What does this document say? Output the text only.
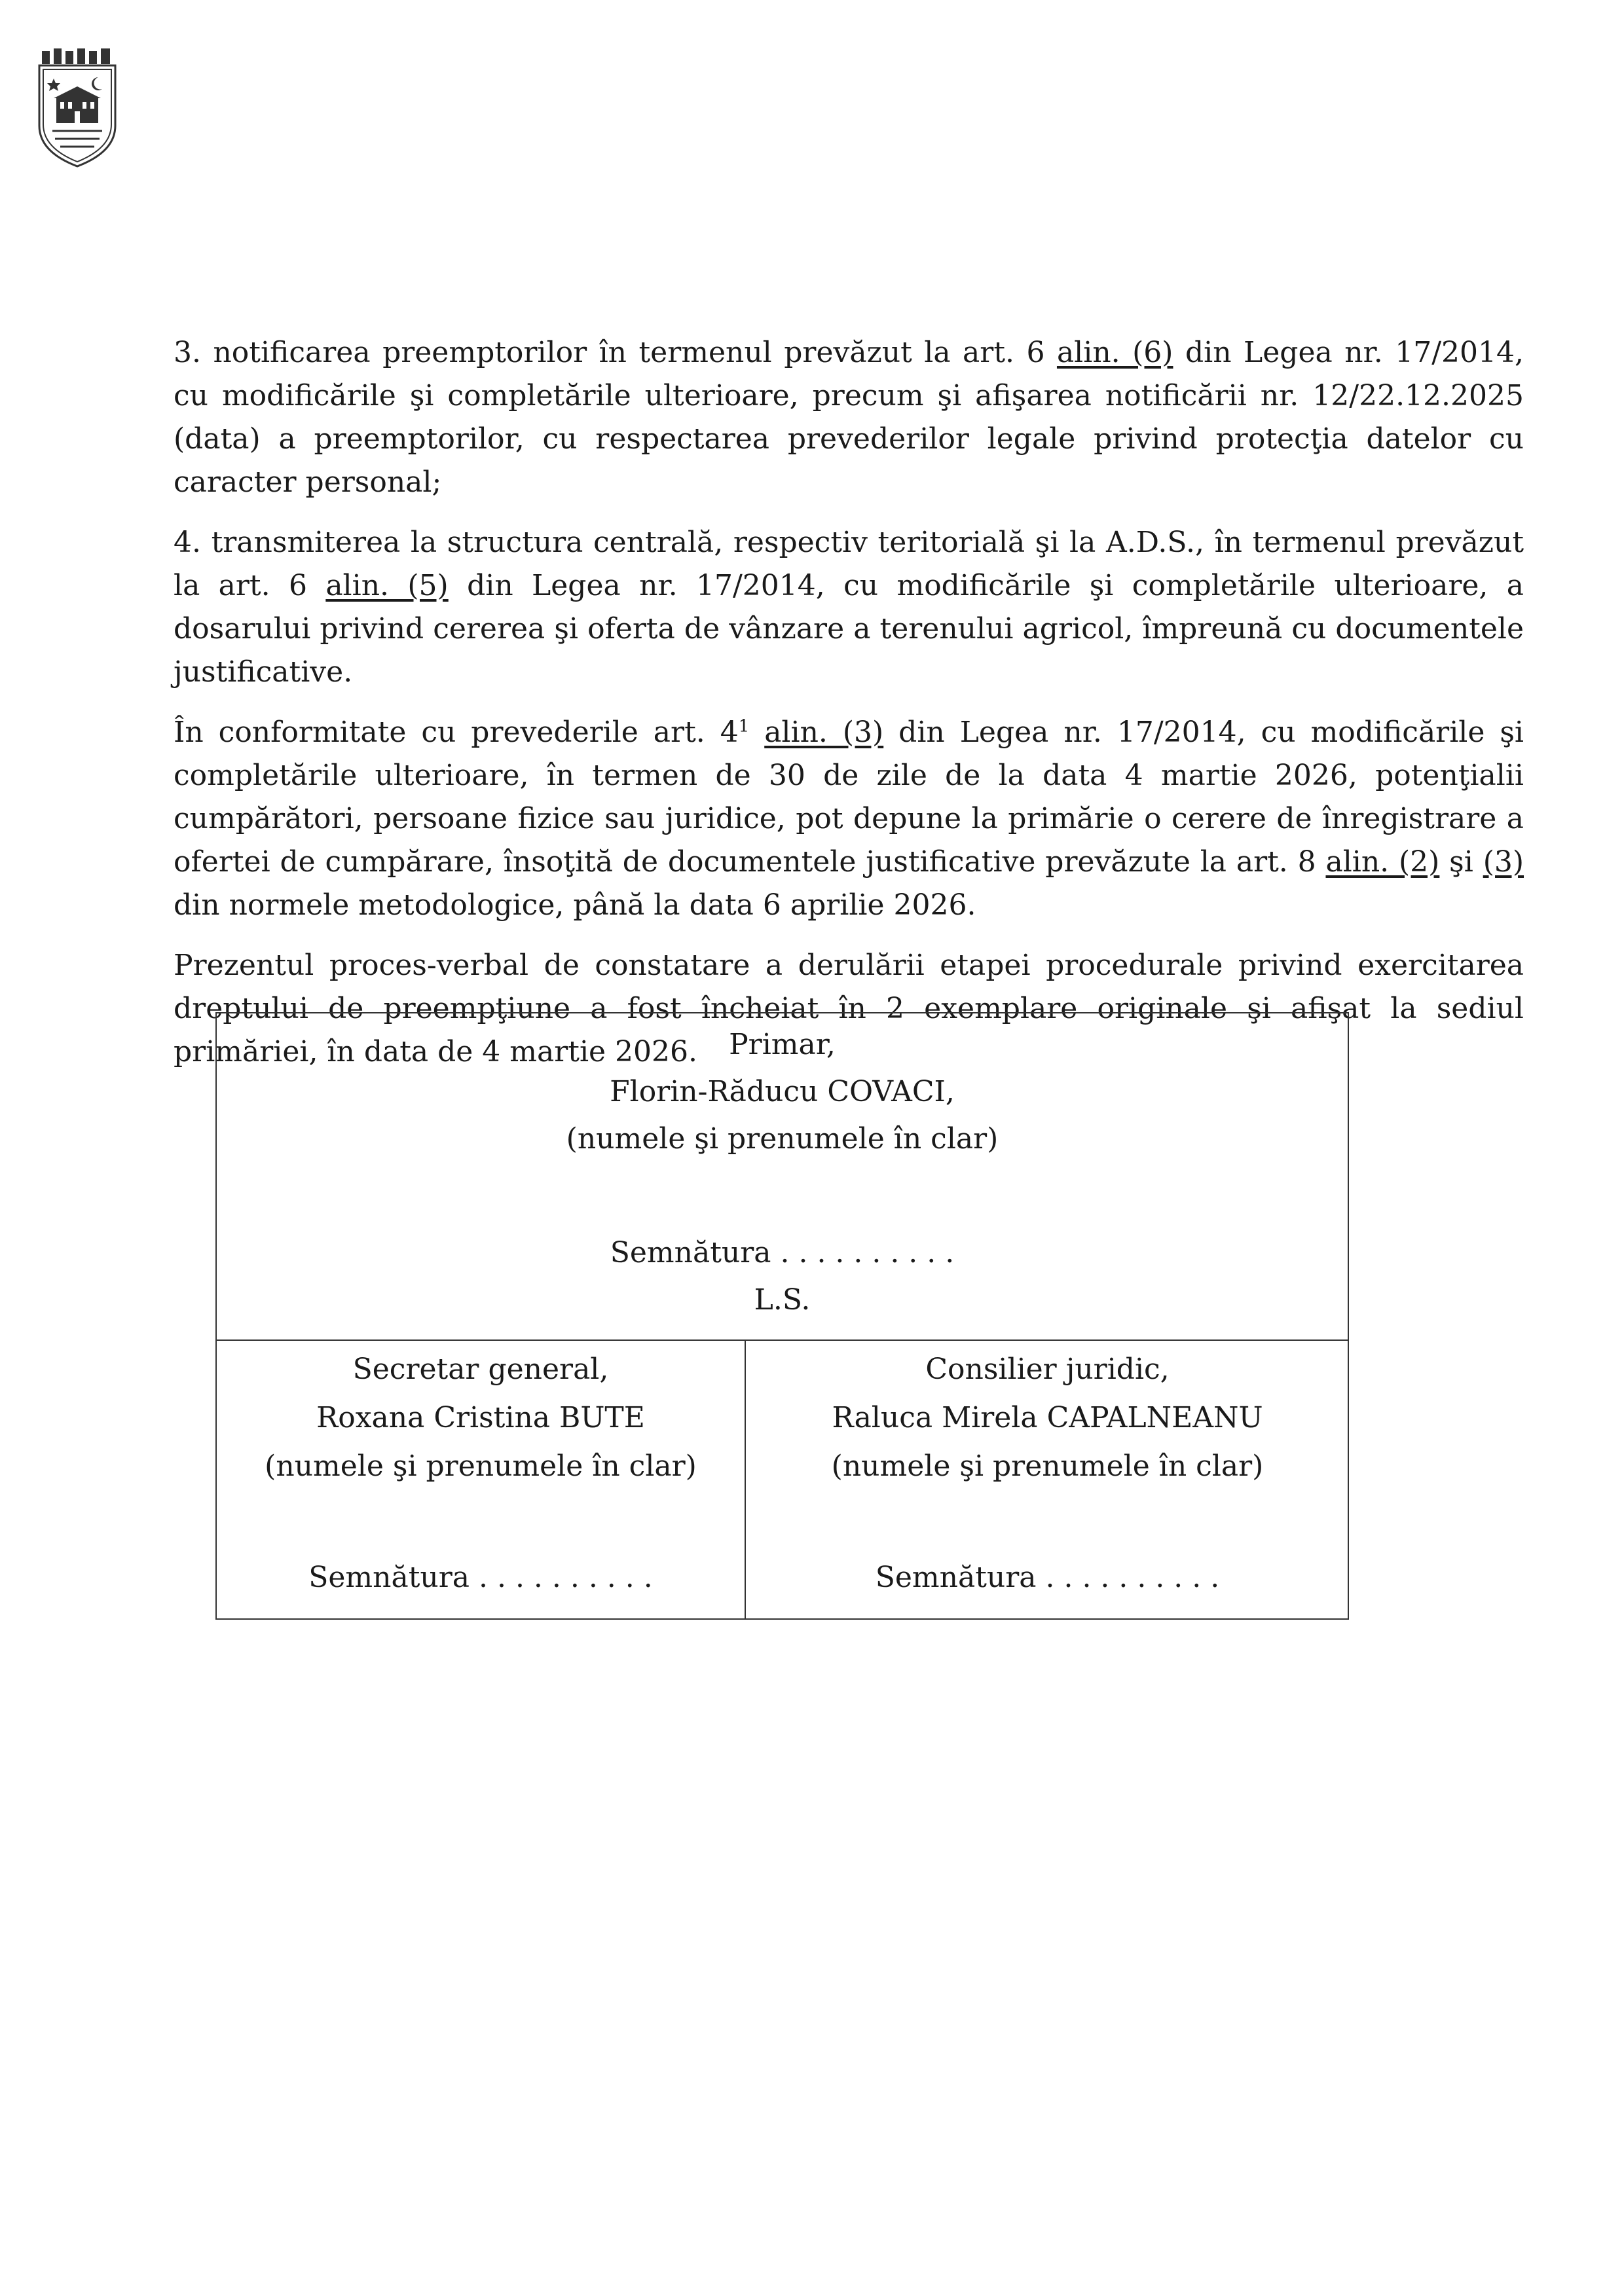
3. notificarea preemptorilor în termenul prevăzut la art. 6 alin. (6) din Legea nr. 17/2014, cu modificările şi completările ulterioare, precum şi afişarea notificării nr. 12/22.12.2025 (data) a preemptorilor, cu respectarea prevederilor legale privind protecţia datelor cu caracter personal;

4. transmiterea la structura centrală, respectiv teritorială şi la A.D.S., în termenul prevăzut la art. 6 alin. (5) din Legea nr. 17/2014, cu modificările şi completările ulterioare, a dosarului privind cererea şi oferta de vânzare a terenului agricol, împreună cu documentele justificative.

În conformitate cu prevederile art. $4^1$ alin. (3) din Legea nr. 17/2014, cu modificările şi completările ulterioare, în termen de 30 de zile de la data 4 martie 2026, potenţialii cumpărători, persoane fizice sau juridice, pot depune la primărie o cerere de înregistrare a ofertei de cumpărare, însoţită de documentele justificative prevăzute la art. 8 alin. (2) şi (3) din normele metodologice, până la data 6 aprilie 2026.

Prezentul proces-verbal de constatare a derulării etapei procedurale privind exercitarea dreptului de preempţiune a fost încheiat în 2 exemplare originale şi afişat la sediul primăriei, în data de 4 martie 2026.	Primar,
Florin-Răducu COVACI,
(numele şi prenumele în clar)
Semnătura . . . . . . . . . .
L.S.
Secretar general,
Roxana Cristina BUTE
(numele şi prenumele în clar)
Semnătura . . . . . . . . . .
Consilier juridic,
Raluca Mirela CAPALNEANU
(numele şi prenumele în clar)
Semnătura . . . . . . . . . .
